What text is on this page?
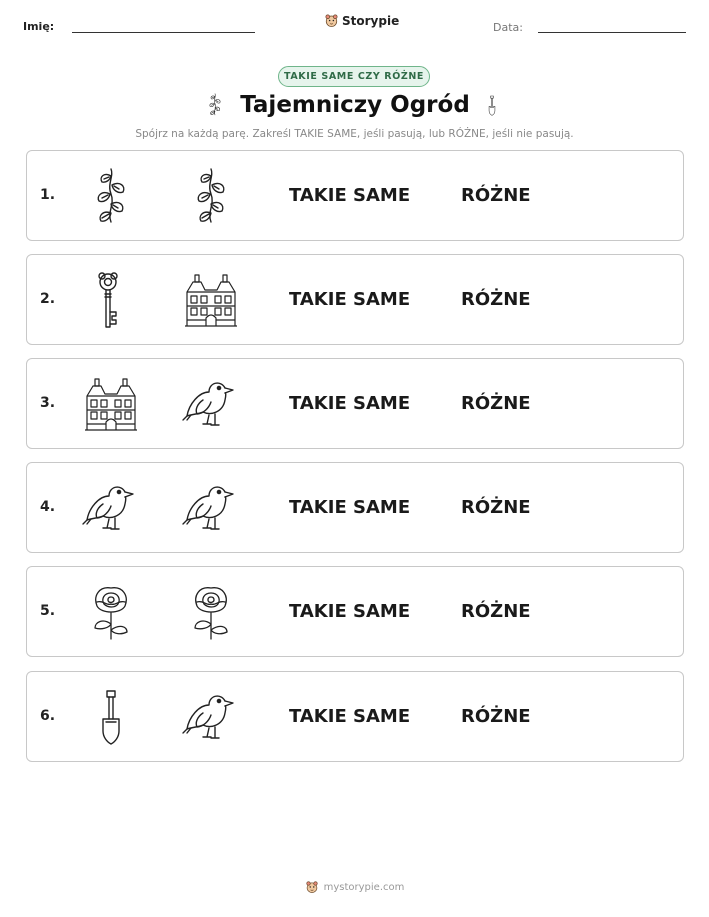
Imię:	Storypie	Data:
TAKIE SAME CZY RÓŻNE
Tajemniczy Ogród
Spójrz na każdą parę. Zakreśl TAKIE SAME, jeśli pasują, lub RÓŻNE, jeśli nie pasują.
1.	TAKIE SAME	RÓŻNE
2.	TAKIE SAME	RÓŻNE
3.	TAKIE SAME	RÓŻNE
4.	TAKIE SAME	RÓŻNE
5.	TAKIE SAME	RÓŻNE
6.	TAKIE SAME	RÓŻNE
mystorypie.com
